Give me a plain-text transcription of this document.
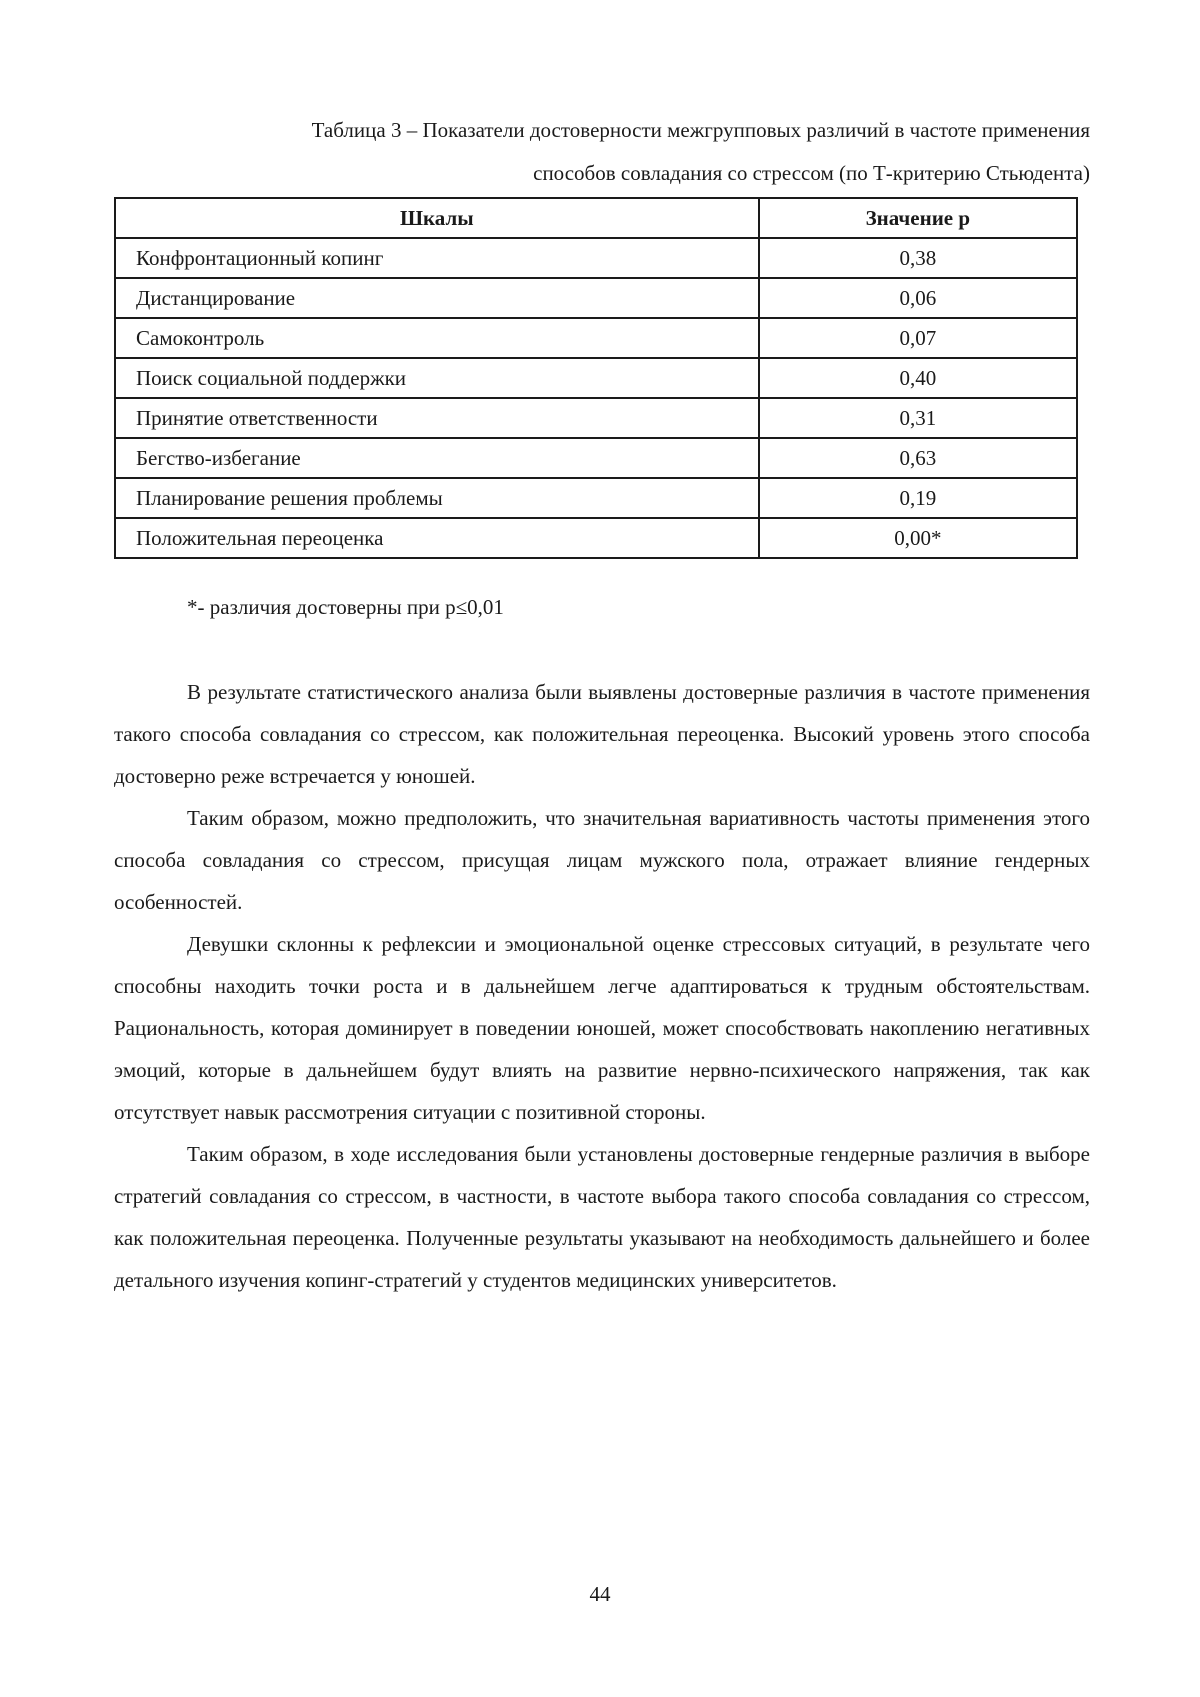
Таблица 3 – Показатели достоверности межгрупповых различий в частоте применения
способов совладания со стрессом (по Т-критерию Стьюдента)
Шкалы	Значение р
Конфронтационный копинг	0,38
Дистанцирование	0,06
Самоконтроль	0,07
Поиск социальной поддержки	0,40
Принятие ответственности	0,31
Бегство-избегание	0,63
Планирование решения проблемы	0,19
Положительная переоценка	0,00*
*- различия достоверны при р≤0,01

В результате статистического анализа были выявлены достоверные различия в частоте применения такого способа совладания со стрессом, как положительная переоценка. Высокий уровень этого способа достоверно реже встречается у юношей.

Таким образом, можно предположить, что значительная вариативность частоты применения этого способа совладания со стрессом, присущая лицам мужского пола, отражает влияние гендерных особенностей.

Девушки склонны к рефлексии и эмоциональной оценке стрессовых ситуаций, в результате чего способны находить точки роста и в дальнейшем легче адаптироваться к трудным обстоятельствам. Рациональность, которая доминирует в поведении юношей, может способствовать накоплению негативных эмоций, которые в дальнейшем будут влиять на развитие нервно-психического напряжения, так как отсутствует навык рассмотрения ситуации с позитивной стороны.

Таким образом, в ходе исследования были установлены достоверные гендерные различия в выборе стратегий совладания со стрессом, в частности, в частоте выбора такого способа совладания со стрессом, как положительная переоценка. Полученные результаты указывают на необходимость дальнейшего и более детального изучения копинг-стратегий у студентов медицинских университетов.

44
